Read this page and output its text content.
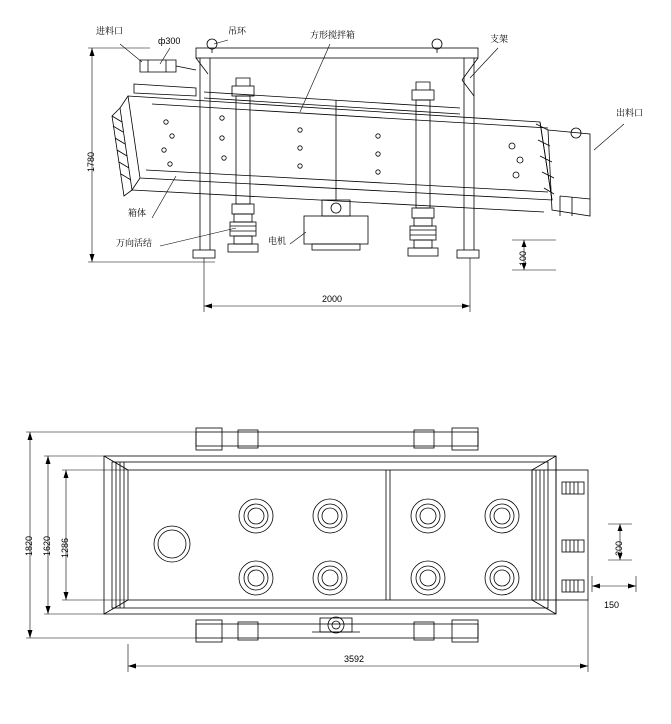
进料口
ф300
吊环	方形搅拌箱	支架
出料口
箱体
万向活结	电机
1780
2000
100
1820 1620 1286
3592
200
150
